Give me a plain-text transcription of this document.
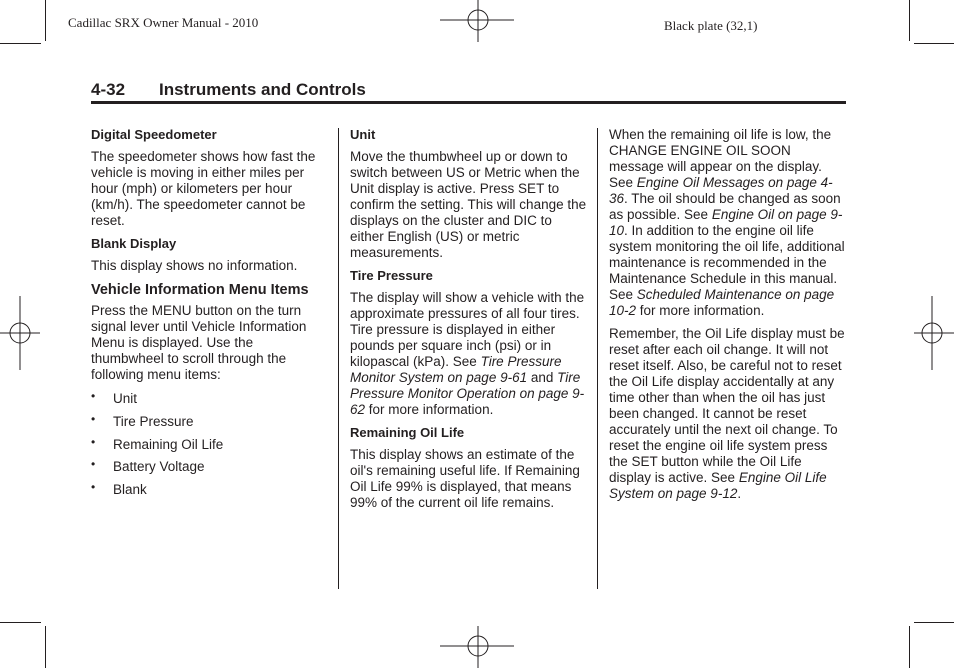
Cadillac SRX Owner Manual - 2010	Black plate (32,1)
4-32 Instruments and Controls
Digital Speedometer

The speedometer shows how fast the vehicle is moving in either miles per hour (mph) or kilometers per hour (km/h). The speedometer cannot be reset.

Blank Display

This display shows no information.

Vehicle Information Menu Items

Press the MENU button on the turn signal lever until Vehicle Information Menu is displayed. Use the thumbwheel to scroll through the following menu items:

• Unit
• Tire Pressure
• Remaining Oil Life
• Battery Voltage
• Blank
Unit

Move the thumbwheel up or down to switch between US or Metric when the Unit display is active. Press SET to confirm the setting. This will change the displays on the cluster and DIC to either English (US) or metric measurements.

Tire Pressure

The display will show a vehicle with the approximate pressures of all four tires. Tire pressure is displayed in either pounds per square inch (psi) or in kilopascal (kPa). See Tire Pressure Monitor System on page 9-61 and Tire Pressure Monitor Operation on page 9-62 for more information.

Remaining Oil Life

This display shows an estimate of the oil's remaining useful life. If Remaining Oil Life 99% is displayed, that means 99% of the current oil life remains.

When the remaining oil life is low, the CHANGE ENGINE OIL SOON message will appear on the display. See Engine Oil Messages on page 4-36. The oil should be changed as soon as possible. See Engine Oil on page 9-10. In addition to the engine oil life system monitoring the oil life, additional maintenance is recommended in the Maintenance Schedule in this manual. See Scheduled Maintenance on page 10-2 for more information.

Remember, the Oil Life display must be reset after each oil change. It will not reset itself. Also, be careful not to reset the Oil Life display accidentally at any time other than when the oil has just been changed. It cannot be reset accurately until the next oil change. To reset the engine oil life system press the SET button while the Oil Life display is active. See Engine Oil Life System on page 9-12.
